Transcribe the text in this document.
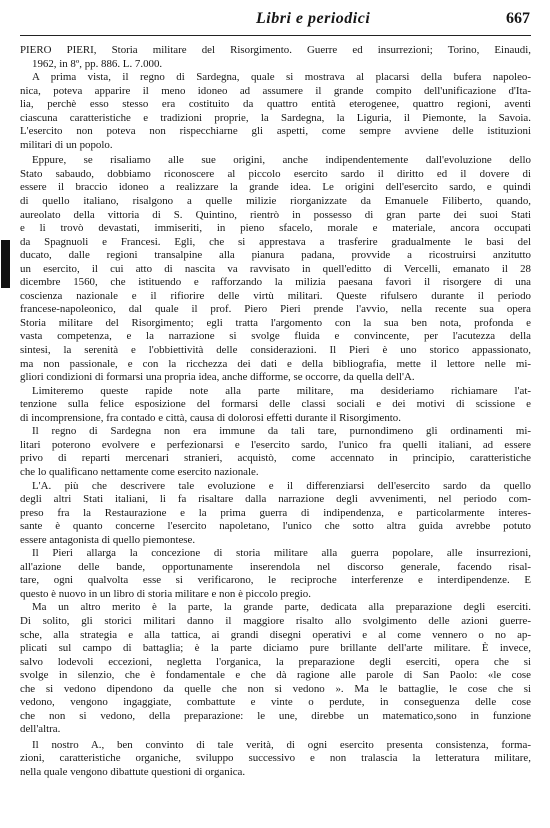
Libri e periodici	667
PIERO PIERI, Storia militare del Risorgimento. Guerre ed insurrezioni; Torino, Einaudi,
1962, in 8º, pp. 886. L. 7.000.
A prima vista, il regno di Sardegna, quale si mostrava al placarsi della bufera napoleo-
nica, poteva apparire il meno idoneo ad assumere il grande compito dell'unificazione d'Ita-
lia, perchè esso stesso era costituito da quattro entità eterogenee, quattro regioni, aventi
ciascuna caratteristiche e tradizioni proprie, la Sardegna, la Liguria, il Piemonte, la Savoia.
L'esercito non poteva non rispecchiarne gli aspetti, come sempre avviene delle istituzioni
militari di un popolo.
Eppure, se risaliamo alle sue origini, anche indipendentemente dall'evoluzione dello
Stato sabaudo, dobbiamo riconoscere al piccolo esercito sardo il diritto ed il dovere di
essere il braccio idoneo a realizzare la grande idea. Le origini dell'esercito sardo, e quindi
di quello italiano, risalgono a quelle milizie riorganizzate da Emanuele Filiberto, quando,
aureolato della vittoria di S. Quintino, rientrò in possesso di gran parte dei suoi Stati
e li trovò devastati, immiseriti, in pieno sfacelo, morale e materiale, ancora occupati
da Spagnuoli e Francesi. Egli, che si apprestava a trasferire gradualmente le basi del
ducato, dalle regioni transalpine alla pianura padana, provvide a ricostruirsi anzitutto
un esercito, il cui atto di nascita va ravvisato in quell'editto di Vercelli, emanato il 28
dicembre 1560, che istituendo e rafforzando la milizia paesana favorì il risorgere di una
coscienza nazionale e il rifiorire delle virtù militari. Queste rifulsero durante il periodo
francese-napoleonico, dal quale il prof. Piero Pieri prende l'avvio, nella recente sua opera
Storia militare del Risorgimento; egli tratta l'argomento con la sua ben nota, profonda e
vasta competenza, e la narrazione si svolge fluida e convincente, per l'acutezza della
sintesi, la serenità e l'obbiettività delle considerazioni. Il Pieri è uno storico appassionato,
ma non passionale, e con la ricchezza dei dati e della bibliografia, mette il lettore nelle mi-
gliori condizioni di formarsi una propria idea, anche difforme, se occorre, da quella dell'A.
Limiteremo queste rapide note alla parte militare, ma desideriamo richiamare l'at-
tenzione sulla felice esposizione del formarsi delle classi sociali e dei motivi di scissione e
di incomprensione, fra contado e città, causa di dolorosi effetti durante il Risorgimento.
Il regno di Sardegna non era immune da tali tare, purnondimeno gli ordinamenti mi-
litari poterono evolvere e perfezionarsi e l'esercito sardo, l'unico fra quelli italiani, ad essere
privo di reparti mercenari stranieri, acquistò, come accennato in principio, caratteristiche
che lo qualificano nettamente come esercito nazionale.
L'A. più che descrivere tale evoluzione e il differenziarsi dell'esercito sardo da quello
degli altri Stati italiani, li fa risaltare dalla narrazione degli avvenimenti, nel periodo com-
preso fra la Restaurazione e la prima guerra di indipendenza, e particolarmente interes-
sante è quanto concerne l'esercito napoletano, l'unico che sotto altra guida avrebbe potuto
essere antagonista di quello piemontese.
Il Pieri allarga la concezione di storia militare alla guerra popolare, alle insurrezioni,
all'azione delle bande, opportunamente inserendola nel discorso generale, facendo risal-
tare, ogni qualvolta esse si verificarono, le reciproche interferenze e interdipendenze. E
questo è nuovo in un libro di storia militare e non è piccolo pregio.
Ma un altro merito è la parte, la grande parte, dedicata alla preparazione degli eserciti.
Di solito, gli storici militari danno il maggiore risalto allo svolgimento delle azioni guerre-
sche, alla strategia e alla tattica, ai grandi disegni operativi e al come vennero o no ap-
plicati sul campo di battaglia; è la parte diciamo pure brillante dell'arte militare. È invece,
salvo lodevoli eccezioni, negletta l'organica, la preparazione degli eserciti, opera che si
svolge in silenzio, che è fondamentale e che dà ragione alle parole di San Paolo: «le cose
che si vedono dipendono da quelle che non si vedono ». Ma le battaglie, le cose che si
vedono, vengono ingaggiate, combattute e vinte o perdute, in conseguenza delle cose
che non si vedono, della preparazione: le une, direbbe un matematico,sono in funzione
dell'altra.
Il nostro A., ben convinto di tale verità, di ogni esercito presenta consistenza, forma-
zioni, caratteristiche organiche, sviluppo successivo e non tralascia la letteratura militare,
nella quale vengono dibattute questioni di organica.
